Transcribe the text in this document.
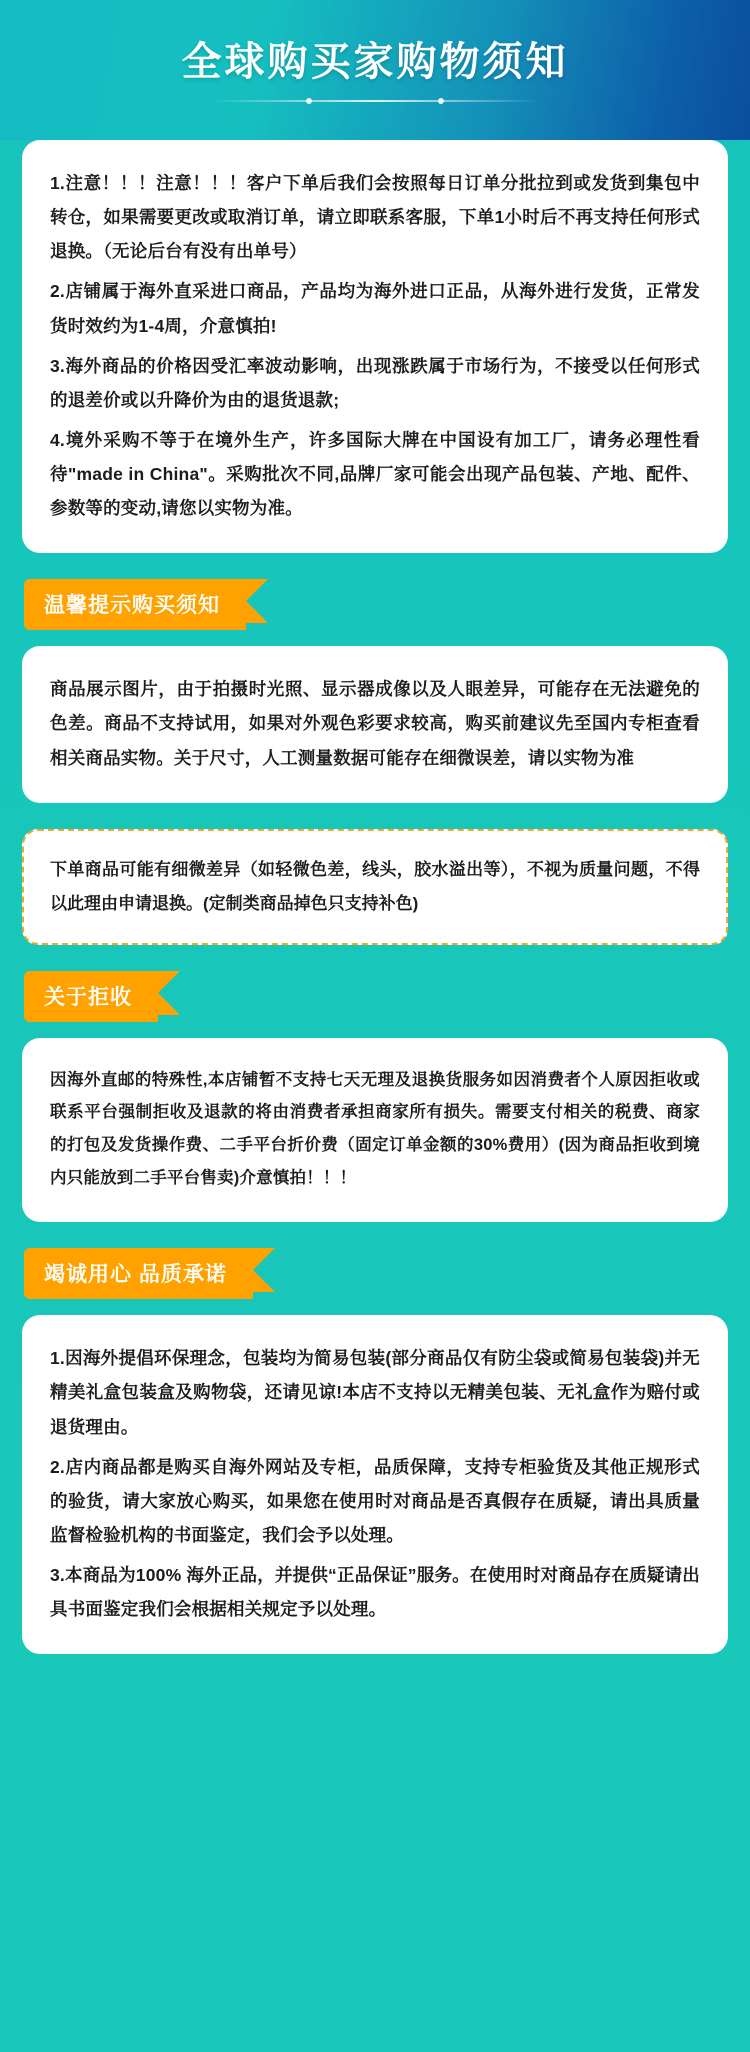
全球购买家购物须知

1.注意！！！注意！！！客户下单后我们会按照每日订单分批拉到或发货到集包中转仓，如果需要更改或取消订单，请立即联系客服，下单1小时后不再支持任何形式退换。（无论后台有没有出单号）

2.店铺属于海外直采进口商品，产品均为海外进口正品，从海外进行发货，正常发货时效约为1-4周，介意慎拍!

3.海外商品的价格因受汇率波动影响，出现涨跌属于市场行为，不接受以任何形式的退差价或以升降价为由的退货退款;

4.境外采购不等于在境外生产，许多国际大牌在中国设有加工厂，请务必理性看待"made in China"。采购批次不同,品牌厂家可能会出现产品包装、产地、配件、参数等的变动,请您以实物为准。

温馨提示购买须知

商品展示图片，由于拍摄时光照、显示器成像以及人眼差异，可能存在无法避免的色差。商品不支持试用，如果对外观色彩要求较高，购买前建议先至国内专柜查看相关商品实物。关于尺寸，人工测量数据可能存在细微误差，请以实物为准

下单商品可能有细微差异（如轻微色差，线头，胶水溢出等），不视为质量问题，不得以此理由申请退换。(定制类商品掉色只支持补色)

关于拒收

因海外直邮的特殊性,本店铺暂不支持七天无理及退换货服务如因消费者个人原因拒收或联系平台强制拒收及退款的将由消费者承担商家所有损失。需要支付相关的税费、商家的打包及发货操作费、二手平台折价费（固定订单金额的30%费用）(因为商品拒收到境内只能放到二手平台售卖)介意慎拍！！！

竭诚用心 品质承诺

1.因海外提倡环保理念，包装均为简易包装(部分商品仅有防尘袋或简易包装袋)并无精美礼盒包装盒及购物袋，还请见谅!本店不支持以无精美包装、无礼盒作为赔付或退货理由。

2.店内商品都是购买自海外网站及专柜，品质保障，支持专柜验货及其他正规形式的验货，请大家放心购买，如果您在使用时对商品是否真假存在质疑，请出具质量监督检验机构的书面鉴定，我们会予以处理。

3.本商品为100% 海外正品，并提供“正品保证”服务。在使用时对商品存在质疑请出具书面鉴定我们会根据相关规定予以处理。
